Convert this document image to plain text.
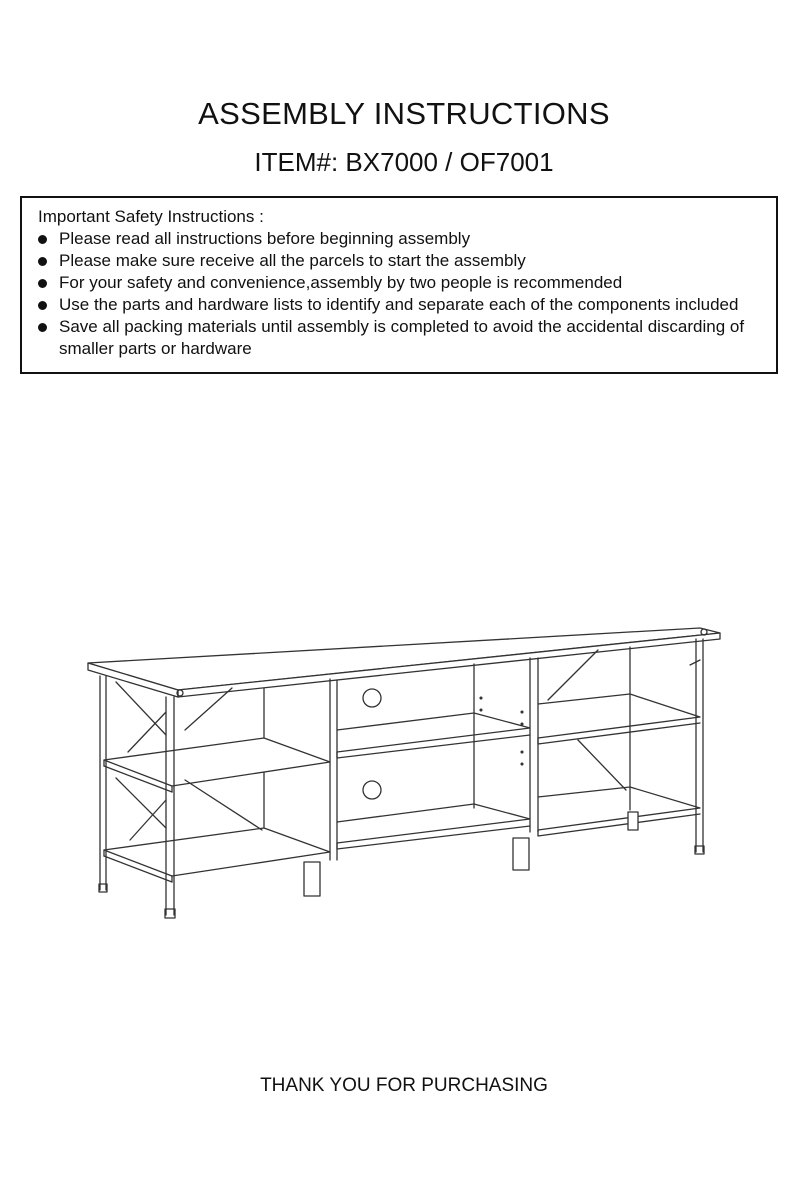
ASSEMBLY INSTRUCTIONS
ITEM#: BX7000 / OF7001
Important Safety Instructions :
Please read all instructions before beginning assembly
Please make sure receive all the parcels to start the assembly
For your safety and convenience,assembly by two people is recommended
Use the parts and hardware lists to identify and separate each of the components included
Save all packing materials until assembly is completed to avoid the accidental discarding of smaller parts or hardware
THANK YOU FOR PURCHASING
